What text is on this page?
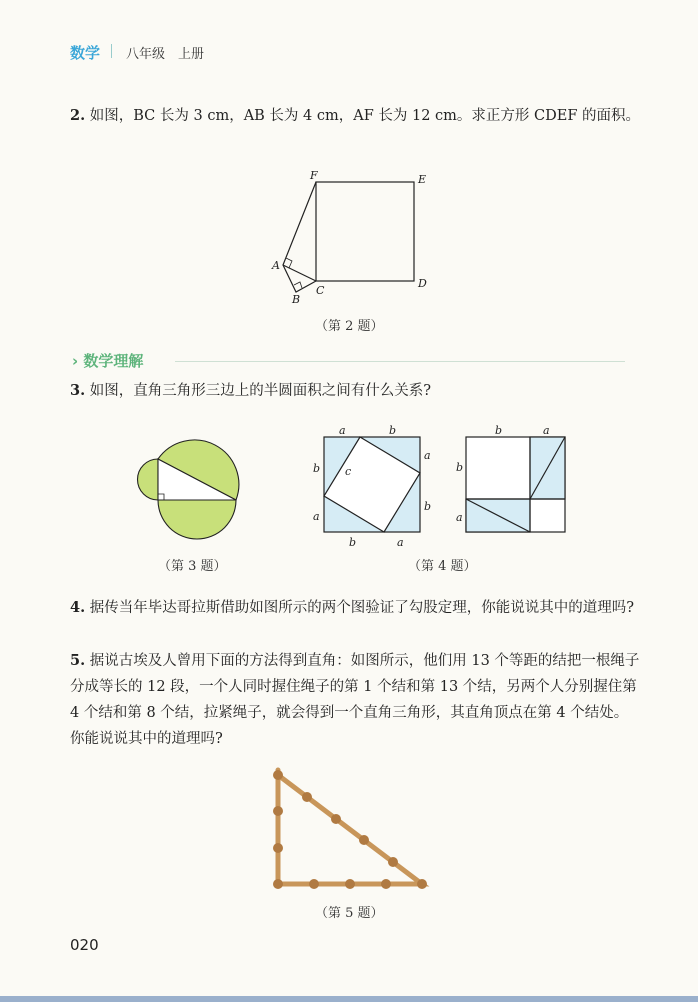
数学 八年级　上册
2. 如图，BC 长为 3 cm，AB 长为 4 cm，AF 长为 12 cm。求正方形 CDEF 的面积。
F	E
D
C
A
B
（第 2 题）
› 数学理解
3. 如图，直角三角形三边上的半圆面积之间有什么关系?
（第 3 题）
a	b
b c
a
a
b
b	a
b	a
b
a
（第 4 题）
4. 据传当年毕达哥拉斯借助如图所示的两个图验证了勾股定理，你能说说其中的道理吗?
5. 据说古埃及人曾用下面的方法得到直角：如图所示，他们用 13 个等距的结把一根绳子分成等长的 12 段，一个人同时握住绳子的第 1 个结和第 13 个结，另两个人分别握住第 4 个结和第 8 个结，拉紧绳子，就会得到一个直角三角形，其直角顶点在第 4 个结处。你能说说其中的道理吗?
（第 5 题）
020
